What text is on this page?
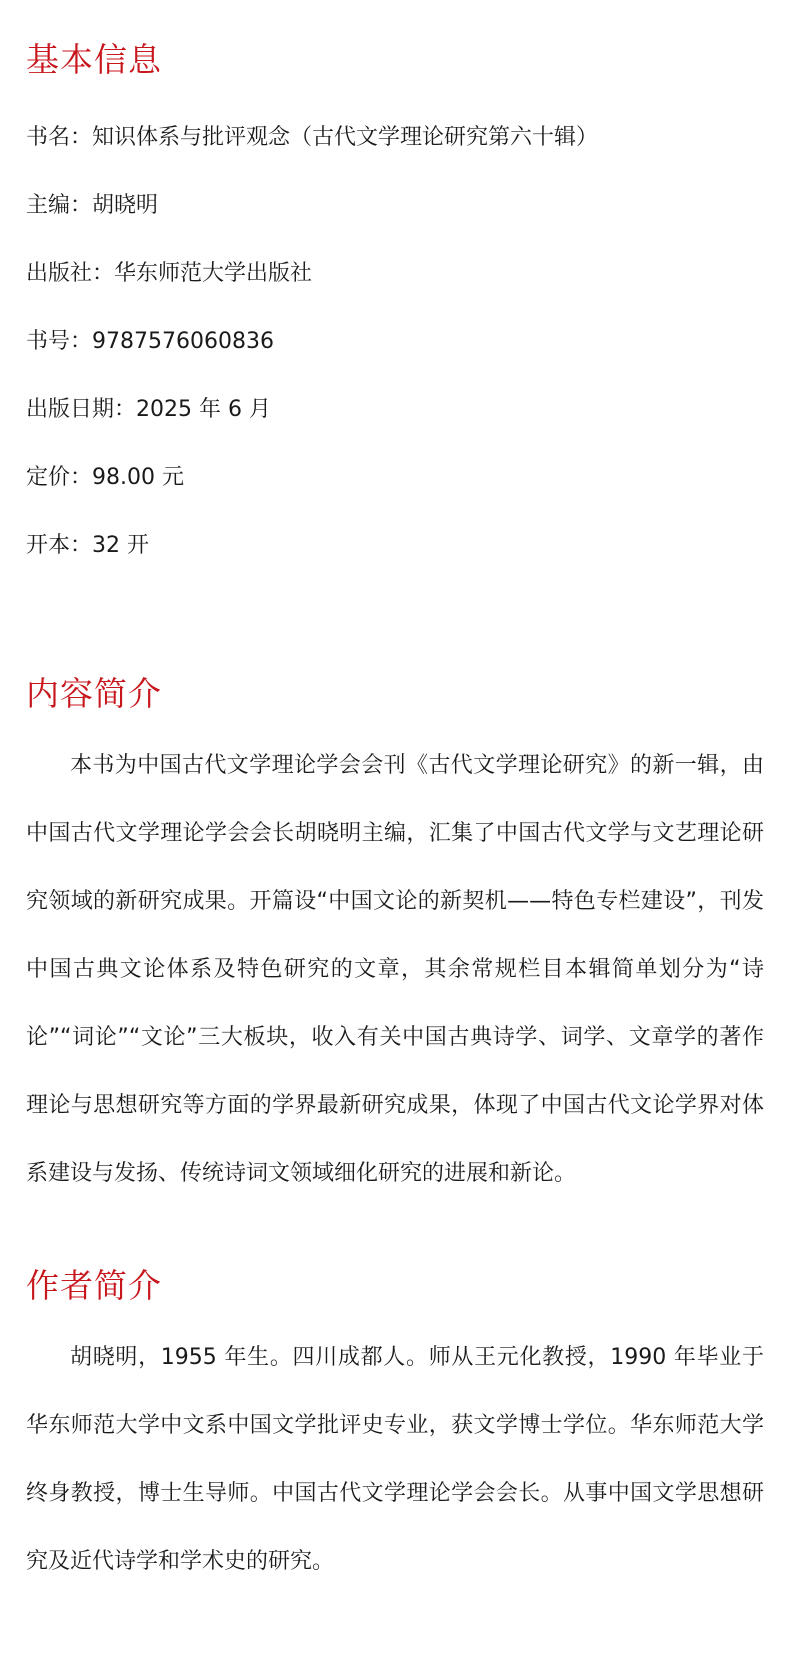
基本信息
书名：知识体系与批评观念（古代文学理论研究第六十辑）
主编：胡晓明
出版社：华东师范大学出版社
书号：9787576060836
出版日期：2025 年 6 月
定价：98.00 元
开本：32 开
内容简介

本书为中国古代文学理论学会会刊《古代文学理论研究》的新一辑，由中国古代文学理论学会会长胡晓明主编，汇集了中国古代文学与文艺理论研究领域的新研究成果。开篇设“中国文论的新契机——特色专栏建设”，刊发中国古典文论体系及特色研究的文章，其余常规栏目本辑简单划分为“诗论”“词论”“文论”三大板块，收入有关中国古典诗学、词学、文章学的著作理论与思想研究等方面的学界最新研究成果，体现了中国古代文论学界对体系建设与发扬、传统诗词文领域细化研究的进展和新论。

作者简介

胡晓明，1955 年生。四川成都人。师从王元化教授，1990 年毕业于华东师范大学中文系中国文学批评史专业，获文学博士学位。华东师范大学终身教授，博士生导师。中国古代文学理论学会会长。从事中国文学思想研究及近代诗学和学术史的研究。
